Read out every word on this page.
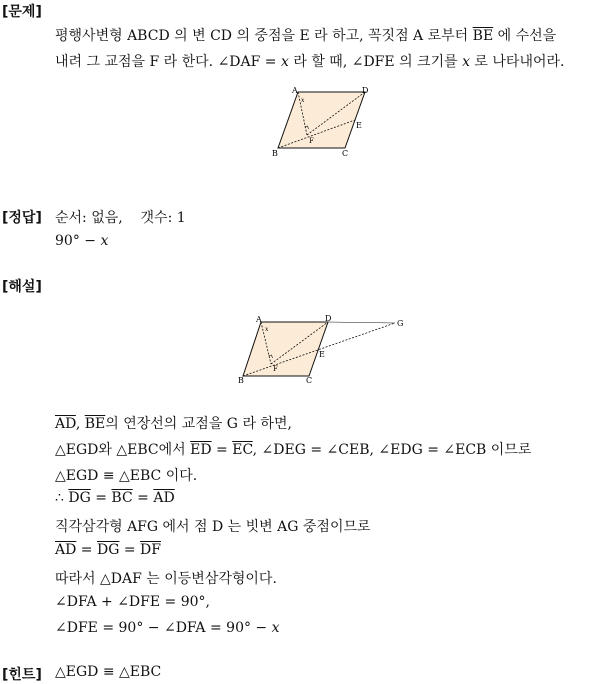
[문제]
평행사변형 ABCD 의 변 CD 의 중점을 E 라 하고, 꼭짓점 A 로부터 $\overline{BE}$ 에 수선을
내려 그 교점을 F 라 한다. ∠DAF = x 라 할 때, ∠DFE 의 크기를 x 로 나타내어라.
A	D
B	C
E
F
x
[정답] 순서: 없음, 갯수: 1
90° − x
[해설]
A	D
B	C
E
F
G
x
$\overline{AD}$, $\overline{BE}$의 연장선의 교점을 G 라 하면,
△EGD와 △EBC에서 $\overline{ED} = \overline{EC}$, ∠DEG = ∠CEB, ∠EDG = ∠ECB 이므로
△EGD ≡ △EBC 이다.
∴ $\overline{DG} = \overline{BC} = \overline{AD}$
직각삼각형 AFG 에서 점 D 는 빗변 AG 중점이므로
$\overline{AD} = \overline{DG} = \overline{DF}$
따라서 △DAF 는 이등변삼각형이다.
∠DFA + ∠DFE = 90°,
∠DFE = 90° − ∠DFA = 90° − x
[힌트] △EGD ≡ △EBC
